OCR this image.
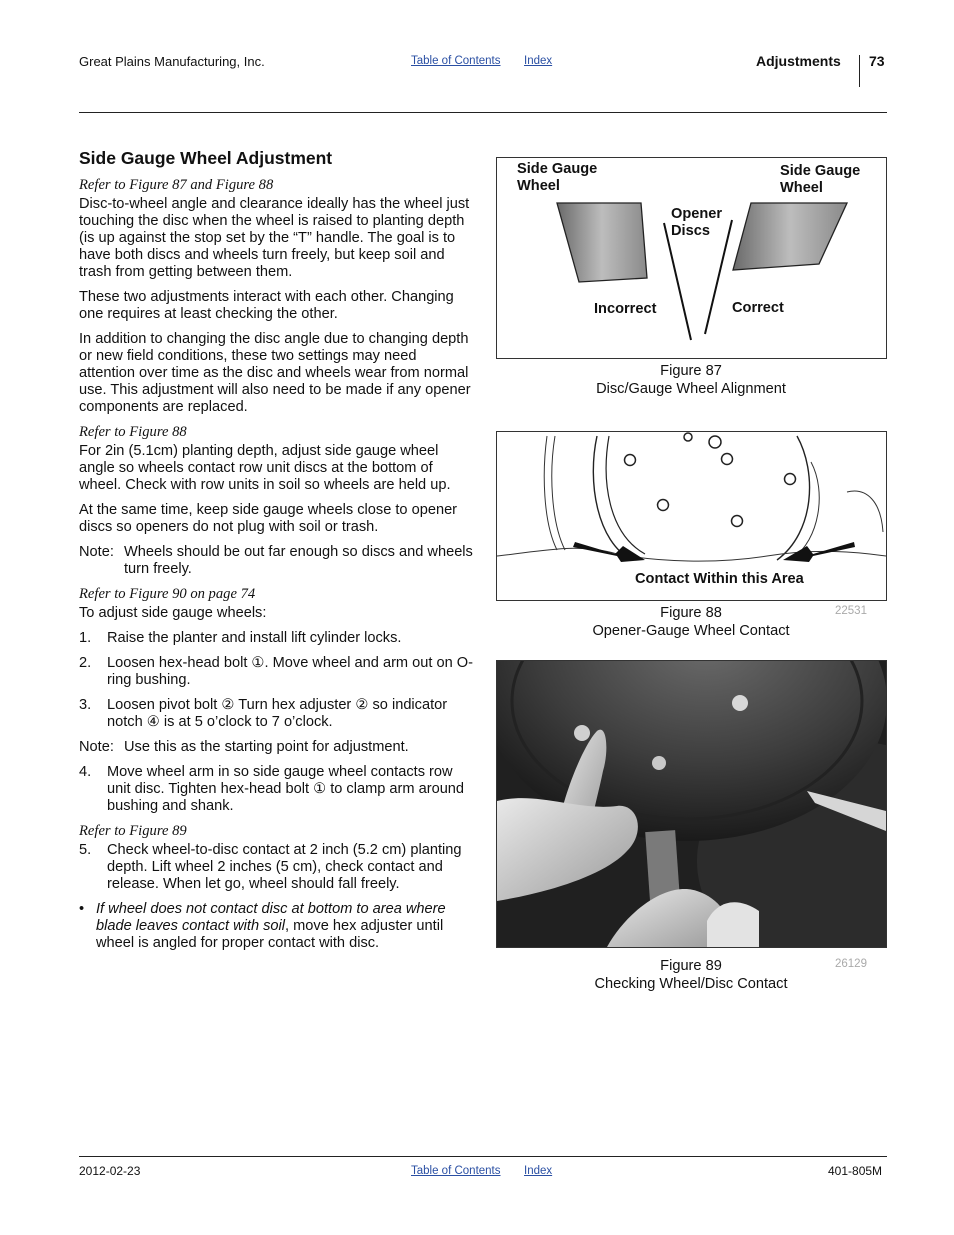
Great Plains Manufacturing, Inc.	Table of Contents Index	Adjustments 73
Side Gauge Wheel Adjustment
Refer to Figure 87 and Figure 88

Disc-to-wheel angle and clearance ideally has the wheel just touching the disc when the wheel is raised to planting depth (is up against the stop set by the “T” handle. The goal is to have both discs and wheels turn freely, but keep soil and trash from getting between them.

These two adjustments interact with each other. Changing one requires at least checking the other.

In addition to changing the disc angle due to changing depth or new field conditions, these two settings may need attention over time as the disc and wheels wear from normal use. This adjustment will also need to be made if any opener components are replaced.

Refer to Figure 88

For 2in (5.1cm) planting depth, adjust side gauge wheel angle so wheels contact row unit discs at the bottom of wheel. Check with row units in soil so wheels are held up.

At the same time, keep side gauge wheels close to opener discs so openers do not plug with soil or trash.

Note: Wheels should be out far enough so discs and wheels turn freely.
Refer to Figure 90 on page 74

To adjust side gauge wheels:

1. Raise the planter and install lift cylinder locks.
2. Loosen hex-head bolt ①. Move wheel and arm out on O-ring bushing.
3. Loosen pivot bolt ② Turn hex adjuster ② so indicator notch ④ is at 5 o’clock to 7 o’clock.
Note: Use this as the starting point for adjustment.
4. Move wheel arm in so side gauge wheel contacts row unit disc. Tighten hex-head bolt ① to clamp arm around bushing and shank.
Refer to Figure 89
5. Check wheel-to-disc contact at 2 inch (5.2 cm) planting depth. Lift wheel 2 inches (5 cm), check contact and release. When let go, wheel should fall freely.
• If wheel does not contact disc at bottom to area where blade leaves contact with soil, move hex adjuster until wheel is angled for proper contact with disc.
Side Gauge Wheel
Side Gauge Wheel
Opener Discs
Incorrect	Correct
Figure 87
Disc/Gauge Wheel Alignment
Contact Within this Area
Figure 88
Opener-Gauge Wheel Contact
22531
Figure 89
Checking Wheel/Disc Contact
26129
2012-02-23	Table of Contents Index	401-805M
